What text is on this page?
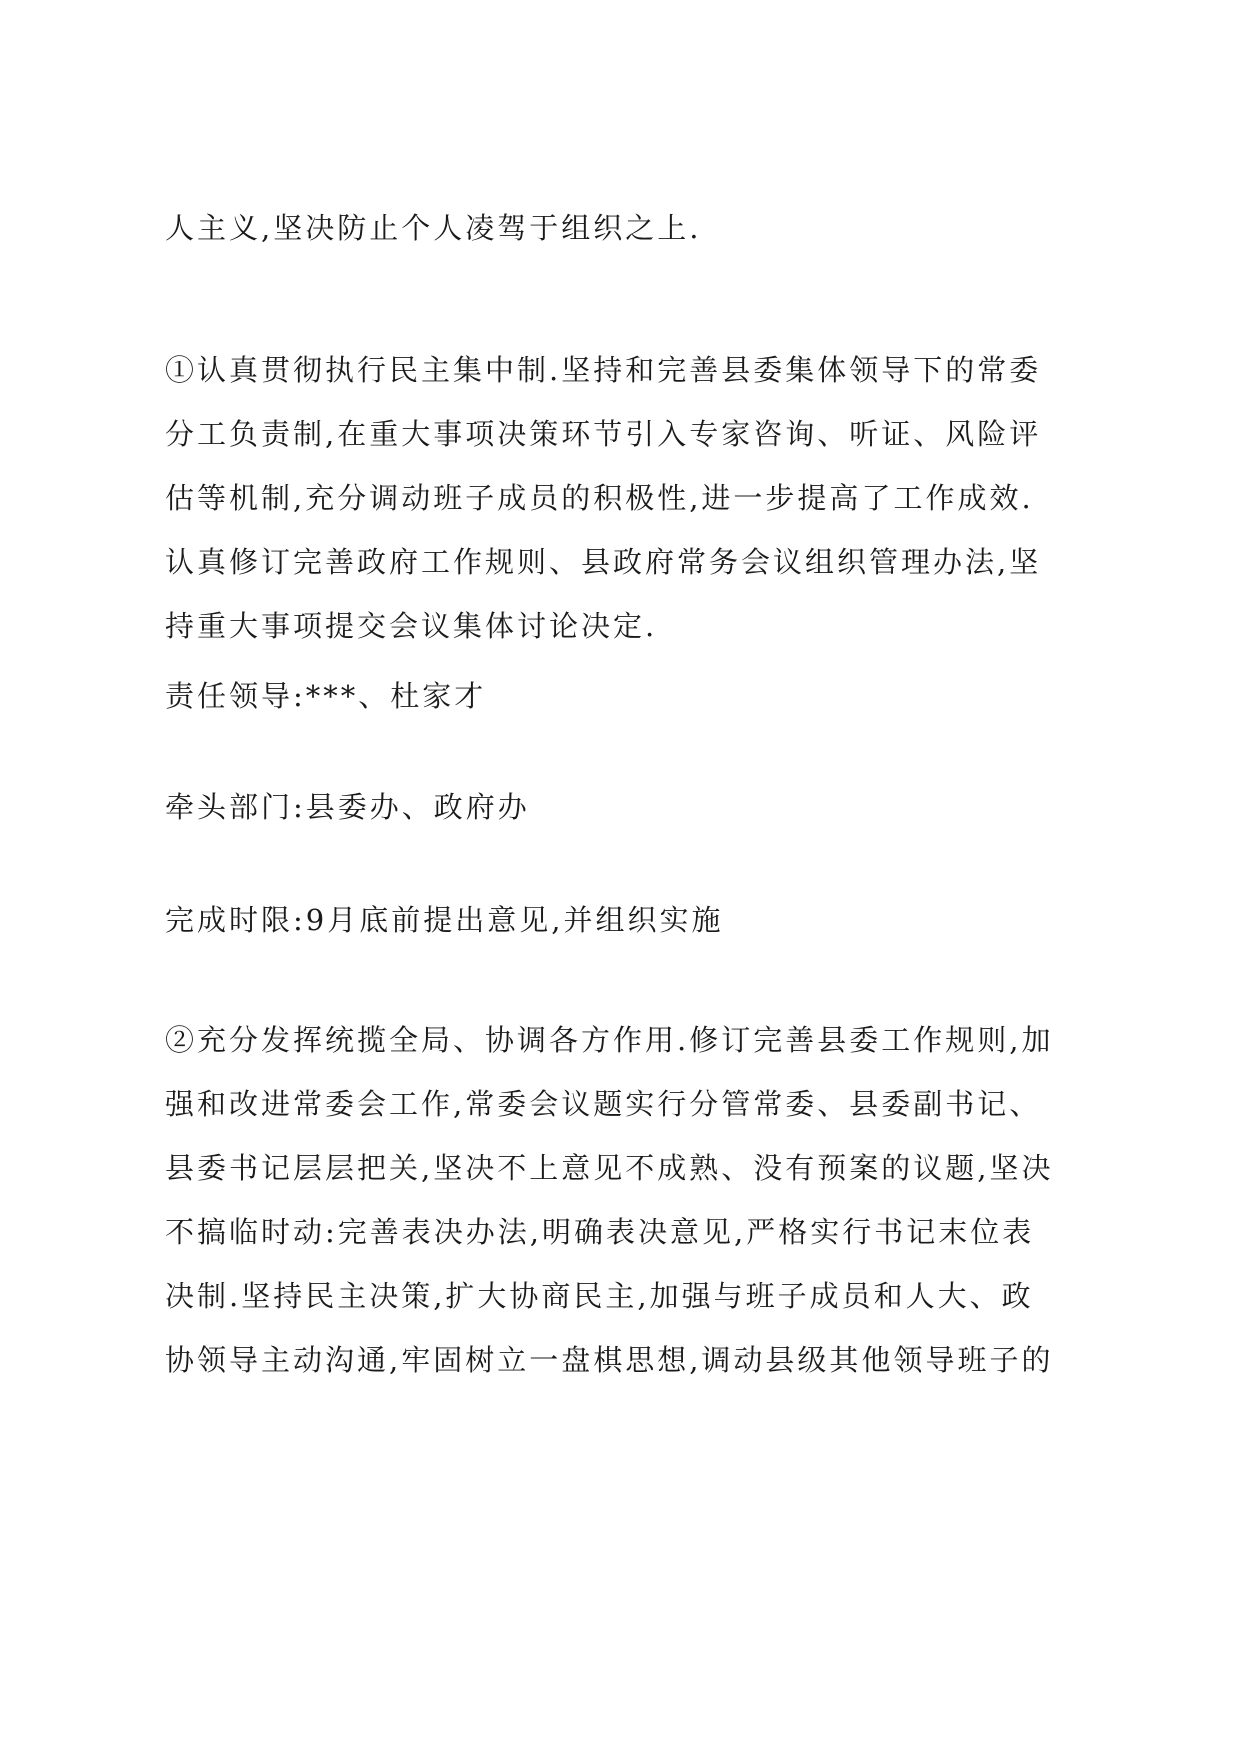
人主义,坚决防止个人凌驾于组织之上.
①认真贯彻执行民主集中制.坚持和完善县委集体领导下的常委
分工负责制,在重大事项决策环节引入专家咨询、听证、风险评
估等机制,充分调动班子成员的积极性,进一步提高了工作成效.
认真修订完善政府工作规则、县政府常务会议组织管理办法,坚
持重大事项提交会议集体讨论决定.
责任领导:***、杜家才
牵头部门:县委办、政府办
完成时限:9月底前提出意见,并组织实施
②充分发挥统揽全局、协调各方作用.修订完善县委工作规则,加
强和改进常委会工作,常委会议题实行分管常委、县委副书记、
县委书记层层把关,坚决不上意见不成熟、没有预案的议题,坚决
不搞临时动:完善表决办法,明确表决意见,严格实行书记末位表
决制.坚持民主决策,扩大协商民主,加强与班子成员和人大、政
协领导主动沟通,牢固树立一盘棋思想,调动县级其他领导班子的
